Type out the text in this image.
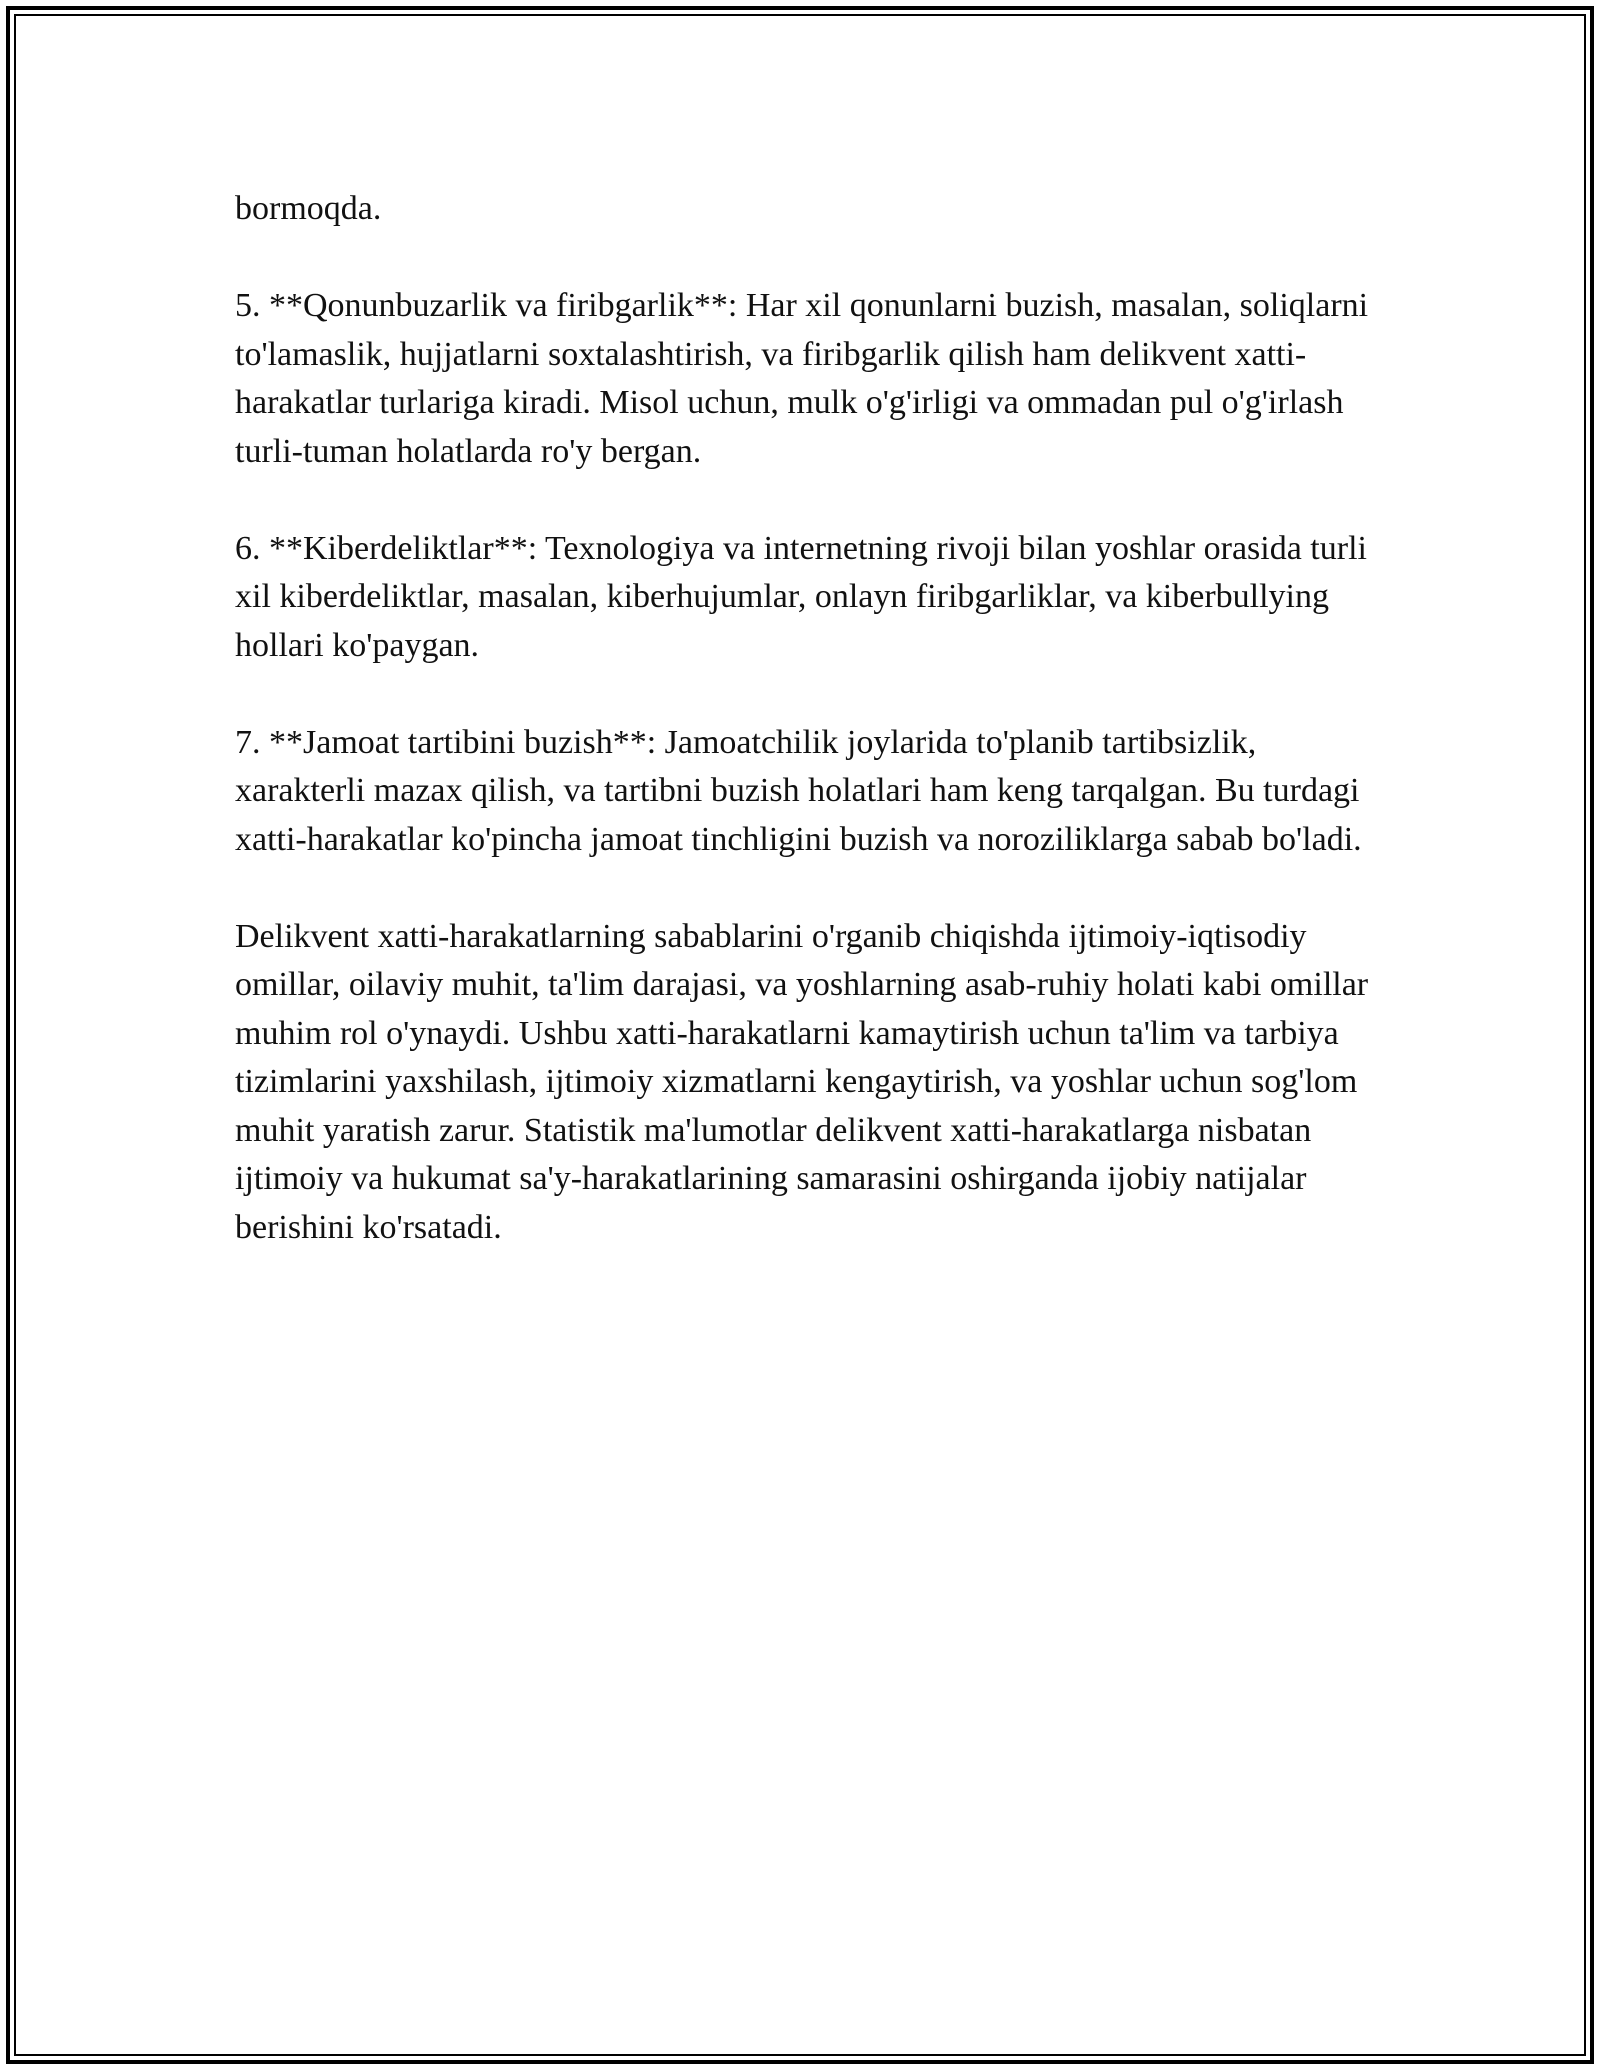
bormoqda.

5. **Qonunbuzarlik va firibgarlik**: Har xil qonunlarni buzish, masalan, soliqlarni to'lamaslik, hujjatlarni soxtalashtirish, va firibgarlik qilish ham delikvent xatti-harakatlar turlariga kiradi. Misol uchun, mulk o'g'irligi va ommadan pul o'g'irlash turli-tuman holatlarda ro'y bergan.

6. **Kiberdeliktlar**: Texnologiya va internetning rivoji bilan yoshlar orasida turli xil kiberdeliktlar, masalan, kiberhujumlar, onlayn firibgarliklar, va kiberbullying hollari ko'paygan.

7. **Jamoat tartibini buzish**: Jamoatchilik joylarida to'planib tartibsizlik, xarakterli mazax qilish, va tartibni buzish holatlari ham keng tarqalgan. Bu turdagi xatti-harakatlar ko'pincha jamoat tinchligini buzish va noroziliklarga sabab bo'ladi.

Delikvent xatti-harakatlarning sabablarini o'rganib chiqishda ijtimoiy-iqtisodiy omillar, oilaviy muhit, ta'lim darajasi, va yoshlarning asab-ruhiy holati kabi omillar muhim rol o'ynaydi. Ushbu xatti-harakatlarni kamaytirish uchun ta'lim va tarbiya tizimlarini yaxshilash, ijtimoiy xizmatlarni kengaytirish, va yoshlar uchun sog'lom muhit yaratish zarur. Statistik ma'lumotlar delikvent xatti-harakatlarga nisbatan ijtimoiy va hukumat sa'y-harakatlarining samarasini oshirganda ijobiy natijalar berishini ko'rsatadi.
